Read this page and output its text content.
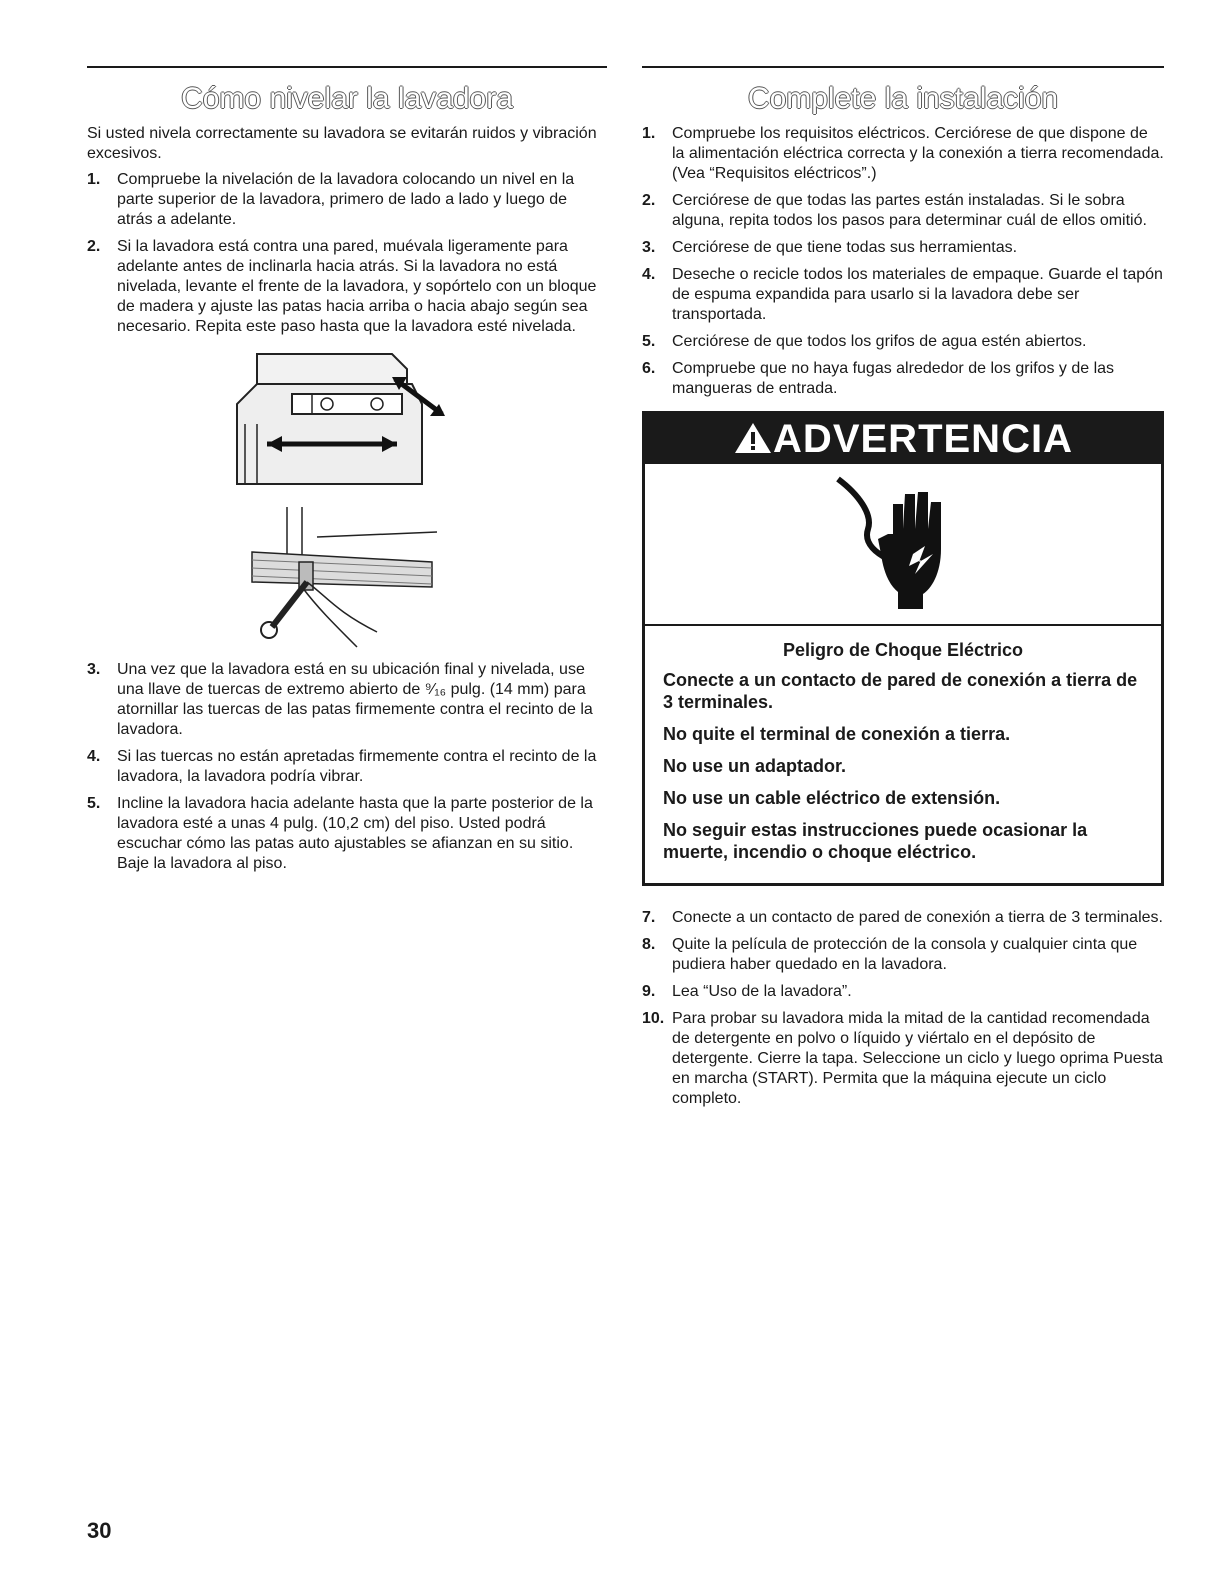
Cómo nivelar la lavadora

Si usted nivela correctamente su lavadora se evitarán ruidos y vibración excesivos.

1. Compruebe la nivelación de la lavadora colocando un nivel en la parte superior de la lavadora, primero de lado a lado y luego de atrás a adelante.
2. Si la lavadora está contra una pared, muévala ligeramente para adelante antes de inclinarla hacia atrás. Si la lavadora no está nivelada, levante el frente de la lavadora, y sopórtelo con un bloque de madera y ajuste las patas hacia arriba o hacia abajo según sea necesario. Repita este paso hasta que la lavadora esté nivelada.
3. Una vez que la lavadora está en su ubicación final y nivelada, use una llave de tuercas de extremo abierto de ⁹⁄₁₆ pulg. (14 mm) para atornillar las tuercas de las patas firmemente contra el recinto de la lavadora.
4. Si las tuercas no están apretadas firmemente contra el recinto de la lavadora, la lavadora podría vibrar.
5. Incline la lavadora hacia adelante hasta que la parte posterior de la lavadora esté a unas 4 pulg. (10,2 cm) del piso. Usted podrá escuchar cómo las patas auto ajustables se afianzan en su sitio. Baje la lavadora al piso.
Complete la instalación
1. Compruebe los requisitos eléctricos. Cerciórese de que dispone de la alimentación eléctrica correcta y la conexión a tierra recomendada. (Vea “Requisitos eléctricos”.)
2. Cerciórese de que todas las partes están instaladas. Si le sobra alguna, repita todos los pasos para determinar cuál de ellos omitió.
3. Cerciórese de que tiene todas sus herramientas.
4. Deseche o recicle todos los materiales de empaque. Guarde el tapón de espuma expandida para usarlo si la lavadora debe ser transportada.
5. Cerciórese de que todos los grifos de agua estén abiertos.
6. Compruebe que no haya fugas alrededor de los grifos y de las mangueras de entrada.
ADVERTENCIA
Peligro de Choque Eléctrico

Conecte a un contacto de pared de conexión a tierra de 3 terminales.

No quite el terminal de conexión a tierra.

No use un adaptador.

No use un cable eléctrico de extensión.

No seguir estas instrucciones puede ocasionar la muerte, incendio o choque eléctrico.

7. Conecte a un contacto de pared de conexión a tierra de 3 terminales.
8. Quite la película de protección de la consola y cualquier cinta que pudiera haber quedado en la lavadora.
9. Lea “Uso de la lavadora”.
10. Para probar su lavadora mida la mitad de la cantidad recomendada de detergente en polvo o líquido y viértalo en el depósito de detergente. Cierre la tapa. Seleccione un ciclo y luego oprima Puesta en marcha (START). Permita que la máquina ejecute un ciclo completo.
30
